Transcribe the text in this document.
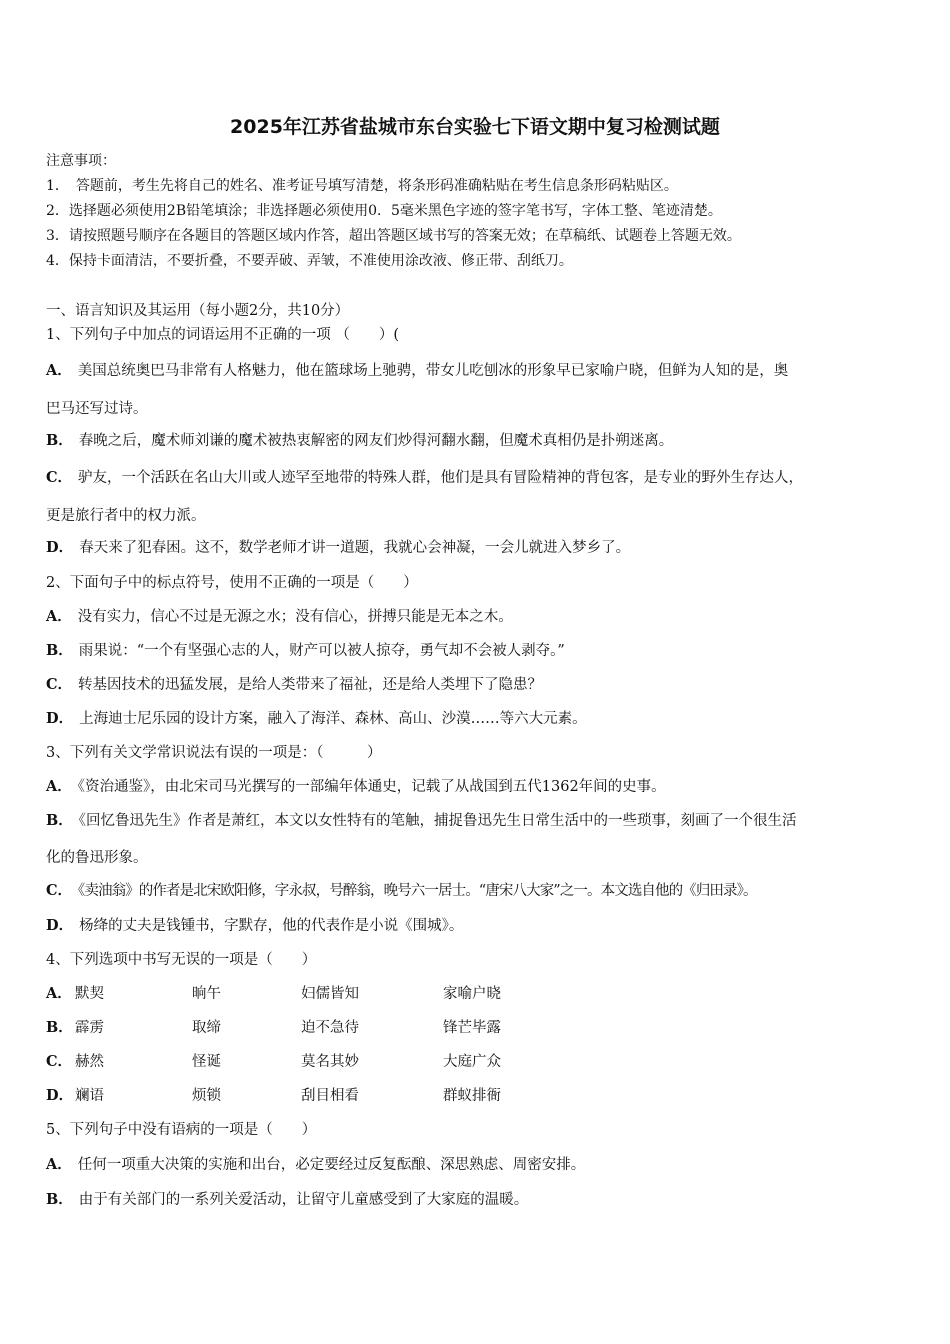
2025年江苏省盐城市东台实验七下语文期中复习检测试题
注意事项：
1．　答题前，考生先将自己的姓名、准考证号填写清楚，将条形码准确粘贴在考生信息条形码粘贴区。
2．选择题必须使用2B铅笔填涂；非选择题必须使用0．5毫米黑色字迹的签字笔书写，字体工整、笔迹清楚。
3．请按照题号顺序在各题目的答题区域内作答，超出答题区域书写的答案无效；在草稿纸、试题卷上答题无效。
4．保持卡面清洁，不要折叠，不要弄破、弄皱，不准使用涂改液、修正带、刮纸刀。
一、语言知识及其运用（每小题2分，共10分）
1、下列句子中加点的词语运用不正确的一项 （　　）(
A． 美国总统奥巴马非常有人格魅力，他在篮球场上驰骋，带女儿吃刨冰的形象早已家喻户晓，但鲜为人知的是，奥
巴马还写过诗。
B． 春晚之后，魔术师刘谦的魔术被热衷解密的网友们炒得河翻水翻，但魔术真相仍是扑朔迷离。
C． 驴友，一个活跃在名山大川或人迹罕至地带的特殊人群，他们是具有冒险精神的背包客，是专业的野外生存达人，
更是旅行者中的权力派。
D． 春天来了犯春困。这不，数学老师才讲一道题，我就心会神凝，一会儿就进入梦乡了。
2、下面句子中的标点符号，使用不正确的一项是（　　）
A． 没有实力，信心不过是无源之水；没有信心，拼搏只能是无本之木。
B． 雨果说：“一个有坚强心志的人，财产可以被人掠夺，勇气却不会被人剥夺。”
C． 转基因技术的迅猛发展，是给人类带来了福祉，还是给人类埋下了隐患？
D． 上海迪士尼乐园的设计方案，融入了海洋、森林、高山、沙漠……等六大元素。
3、下列有关文学常识说法有误的一项是：（　　　）
A． 《资治通鉴》，由北宋司马光撰写的一部编年体通史，记载了从战国到五代1362年间的史事。
B． 《回忆鲁迅先生》作者是萧红，本文以女性特有的笔触，捕捉鲁迅先生日常生活中的一些琐事，刻画了一个很生活
化的鲁迅形象。
C． 《卖油翁》的作者是北宋欧阳修，字永叔，号醉翁，晚号六一居士。“唐宋八大家”之一。本文选自他的《归田录》。
D． 杨绛的丈夫是钱锺书，字默存，他的代表作是小说《围城》。
4、下列选项中书写无误的一项是（　　）
A． 默契	晌午	妇儒皆知	家喻户晓
B． 霹雳	取缔	迫不急待	锋芒毕露
C． 赫然	怪诞	莫名其妙	大庭广众
D． 斓语	烦锁	刮目相看	群蚁排衙
5、下列句子中没有语病的一项是（　　）
A． 任何一项重大决策的实施和出台，必定要经过反复酝酿、深思熟虑、周密安排。
B． 由于有关部门的一系列关爱活动，让留守儿童感受到了大家庭的温暖。
